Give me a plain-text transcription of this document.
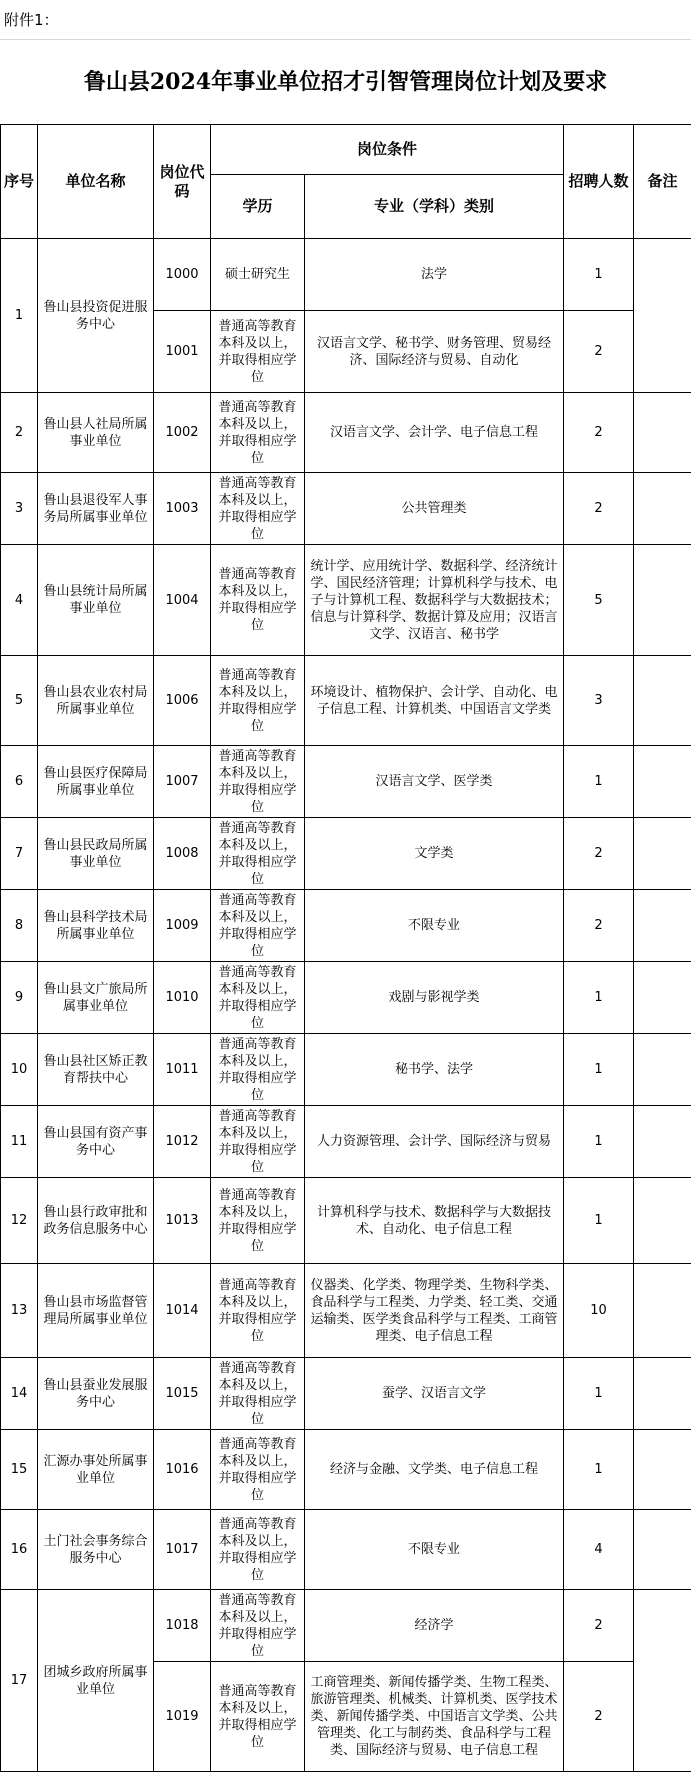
附件1：
鲁山县2024年事业单位招才引智管理岗位计划及要求
序号	单位名称	岗位代码	岗位条件		招聘人数	备注
			学历	专业（学科）类别		
1	鲁山县投资促进服务中心	1000	硕士研究生	法学	1	
		1001	普通高等教育本科及以上，并取得相应学位	汉语言文学、秘书学、财务管理、贸易经济、国际经济与贸易、自动化	2	
2	鲁山县人社局所属事业单位	1002	普通高等教育本科及以上，并取得相应学位	汉语言文学、会计学、电子信息工程	2	
3	鲁山县退役军人事务局所属事业单位	1003	普通高等教育本科及以上，并取得相应学位	公共管理类	2	
4	鲁山县统计局所属事业单位	1004	普通高等教育本科及以上，并取得相应学位	统计学、应用统计学、数据科学、经济统计学、国民经济管理；计算机科学与技术、电子与计算机工程、数据科学与大数据技术；信息与计算科学、数据计算及应用；汉语言文学、汉语言、秘书学	5	
5	鲁山县农业农村局所属事业单位	1006	普通高等教育本科及以上，并取得相应学位	环境设计、植物保护、会计学、自动化、电子信息工程、计算机类、中国语言文学类	3	
6	鲁山县医疗保障局所属事业单位	1007	普通高等教育本科及以上，并取得相应学位	汉语言文学、医学类	1	
7	鲁山县民政局所属事业单位	1008	普通高等教育本科及以上，并取得相应学位	文学类	2	
8	鲁山县科学技术局所属事业单位	1009	普通高等教育本科及以上，并取得相应学位	不限专业	2	
9	鲁山县文广旅局所属事业单位	1010	普通高等教育本科及以上，并取得相应学位	戏剧与影视学类	1	
10	鲁山县社区矫正教育帮扶中心	1011	普通高等教育本科及以上，并取得相应学位	秘书学、法学	1	
11	鲁山县国有资产事务中心	1012	普通高等教育本科及以上，并取得相应学位	人力资源管理、会计学、国际经济与贸易	1	
12	鲁山县行政审批和政务信息服务中心	1013	普通高等教育本科及以上，并取得相应学位	计算机科学与技术、数据科学与大数据技术、自动化、电子信息工程	1	
13	鲁山县市场监督管理局所属事业单位	1014	普通高等教育本科及以上，并取得相应学位	仪器类、化学类、物理学类、生物科学类、食品科学与工程类、力学类、轻工类、交通运输类、医学类食品科学与工程类、工商管理类、电子信息工程	10	
14	鲁山县蚕业发展服务中心	1015	普通高等教育本科及以上，并取得相应学位	蚕学、汉语言文学	1	
15	汇源办事处所属事业单位	1016	普通高等教育本科及以上，并取得相应学位	经济与金融、文学类、电子信息工程	1	
16	土门社会事务综合服务中心	1017	普通高等教育本科及以上，并取得相应学位	不限专业	4	
17	团城乡政府所属事业单位	1018	普通高等教育本科及以上，并取得相应学位	经济学	2	
		1019	普通高等教育本科及以上，并取得相应学位	工商管理类、新闻传播学类、生物工程类、旅游管理类、机械类、计算机类、医学技术类、新闻传播学类、中国语言文学类、公共管理类、化工与制药类、食品科学与工程类、国际经济与贸易、电子信息工程	2	
